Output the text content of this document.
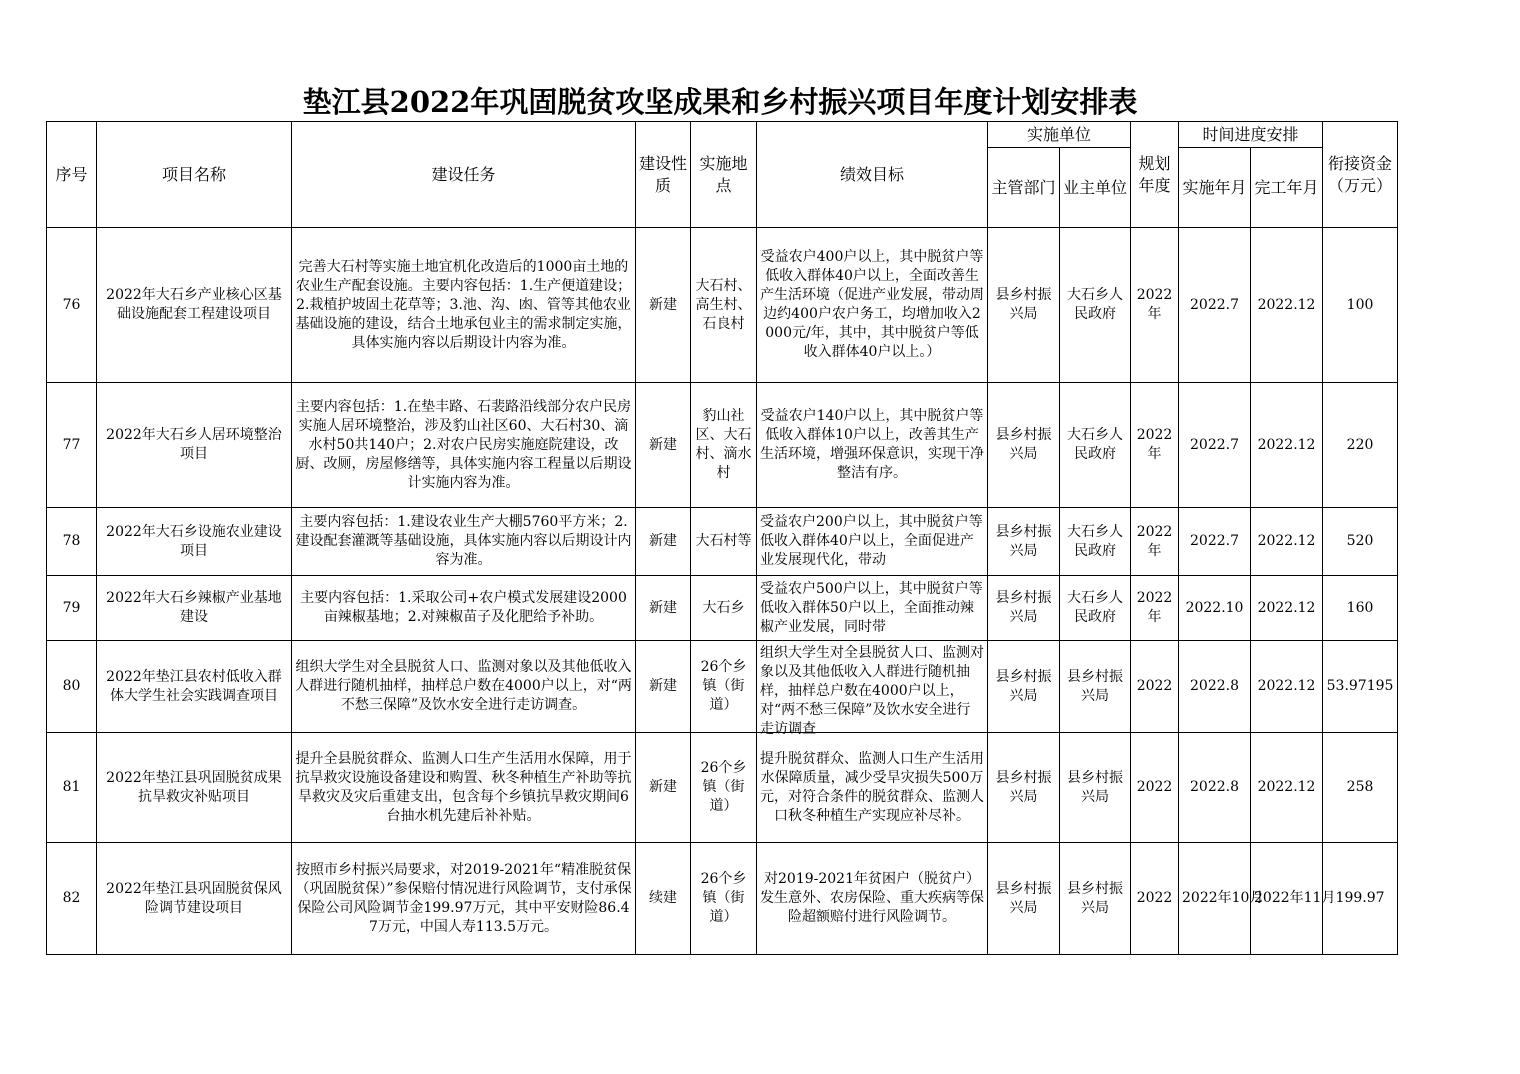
垫江县2022年巩固脱贫攻坚成果和乡村振兴项目年度计划安排表
序号	项目名称	建设任务	建设性质	实施地点	绩效目标	实施单位		规划年度	时间进度安排		衔接资金（万元）
						主管部门	业主单位		实施年月	完工年月	
76	2022年大石乡产业核心区基础设施配套工程建设项目	完善大石村等实施土地宜机化改造后的1000亩土地的农业生产配套设施。主要内容包括：1.生产便道建设；2.栽植护坡固土花草等；3.池、沟、凼、管等其他农业基础设施的建设，结合土地承包业主的需求制定实施，具体实施内容以后期设计内容为准。	新建	大石村、高生村、石良村	受益农户400户以上，其中脱贫户等低收入群体40户以上，全面改善生产生活环境（促进产业发展，带动周边约400户农户务工，均增加收入2000元/年，其中，其中脱贫户等低收入群体40户以上。）	县乡村振兴局	大石乡人民政府	2022年	2022.7	2022.12	100
77	2022年大石乡人居环境整治项目	主要内容包括：1.在垫丰路、石裴路沿线部分农户民房实施人居环境整治，涉及豹山社区60、大石村30、滴水村50共140户；2.对农户民房实施庭院建设，改厨、改厕，房屋修缮等，具体实施内容工程量以后期设计实施内容为准。	新建	豹山社区、大石村、滴水村	受益农户140户以上，其中脱贫户等低收入群体10户以上，改善其生产生活环境，增强环保意识，实现干净整洁有序。	县乡村振兴局	大石乡人民政府	2022年	2022.7	2022.12	220
78	2022年大石乡设施农业建设项目	主要内容包括：1.建设农业生产大棚5760平方米；2.建设配套灌溉等基础设施，具体实施内容以后期设计内容为准。	新建	大石村等	受益农户200户以上，其中脱贫户等低收入群体40户以上，全面促进产业发展现代化，带动	县乡村振兴局	大石乡人民政府	2022年	2022.7	2022.12	520
79	2022年大石乡辣椒产业基地建设	主要内容包括：1.采取公司+农户模式发展建设2000亩辣椒基地；2.对辣椒苗子及化肥给予补助。	新建	大石乡	受益农户500户以上，其中脱贫户等低收入群体50户以上，全面推动辣椒产业发展，同时带	县乡村振兴局	大石乡人民政府	2022年	2022.10	2022.12	160
80	2022年垫江县农村低收入群体大学生社会实践调查项目	组织大学生对全县脱贫人口、监测对象以及其他低收入人群进行随机抽样，抽样总户数在4000户以上，对“两不愁三保障”及饮水安全进行走访调查。	新建	26个乡镇（街道）	组织大学生对全县脱贫人口、监测对象以及其他低收入人群进行随机抽样，抽样总户数在4000户以上，对“两不愁三保障”及饮水安全进行走访调查	县乡村振兴局	县乡村振兴局	2022	2022.8	2022.12	53.97195
81	2022年垫江县巩固脱贫成果抗旱救灾补贴项目	提升全县脱贫群众、监测人口生产生活用水保障，用于抗旱救灾设施设备建设和购置、秋冬种植生产补助等抗旱救灾及灾后重建支出，包含每个乡镇抗旱救灾期间6台抽水机先建后补补贴。	新建	26个乡镇（街道）	提升脱贫群众、监测人口生产生活用水保障质量，减少受旱灾损失500万元，对符合条件的脱贫群众、监测人口秋冬种植生产实现应补尽补。	县乡村振兴局	县乡村振兴局	2022	2022.8	2022.12	258
82	2022年垫江县巩固脱贫保风险调节建设项目	按照市乡村振兴局要求，对2019-2021年“精准脱贫保（巩固脱贫保）”参保赔付情况进行风险调节，支付承保保险公司风险调节金199.97万元，其中平安财险86.47万元，中国人寿113.5万元。	续建	26个乡镇（街道）	对2019-2021年贫困户（脱贫户）发生意外、农房保险、重大疾病等保险超额赔付进行风险调节。	县乡村振兴局	县乡村振兴局	2022	2022年10月	2022年11月	199.97
